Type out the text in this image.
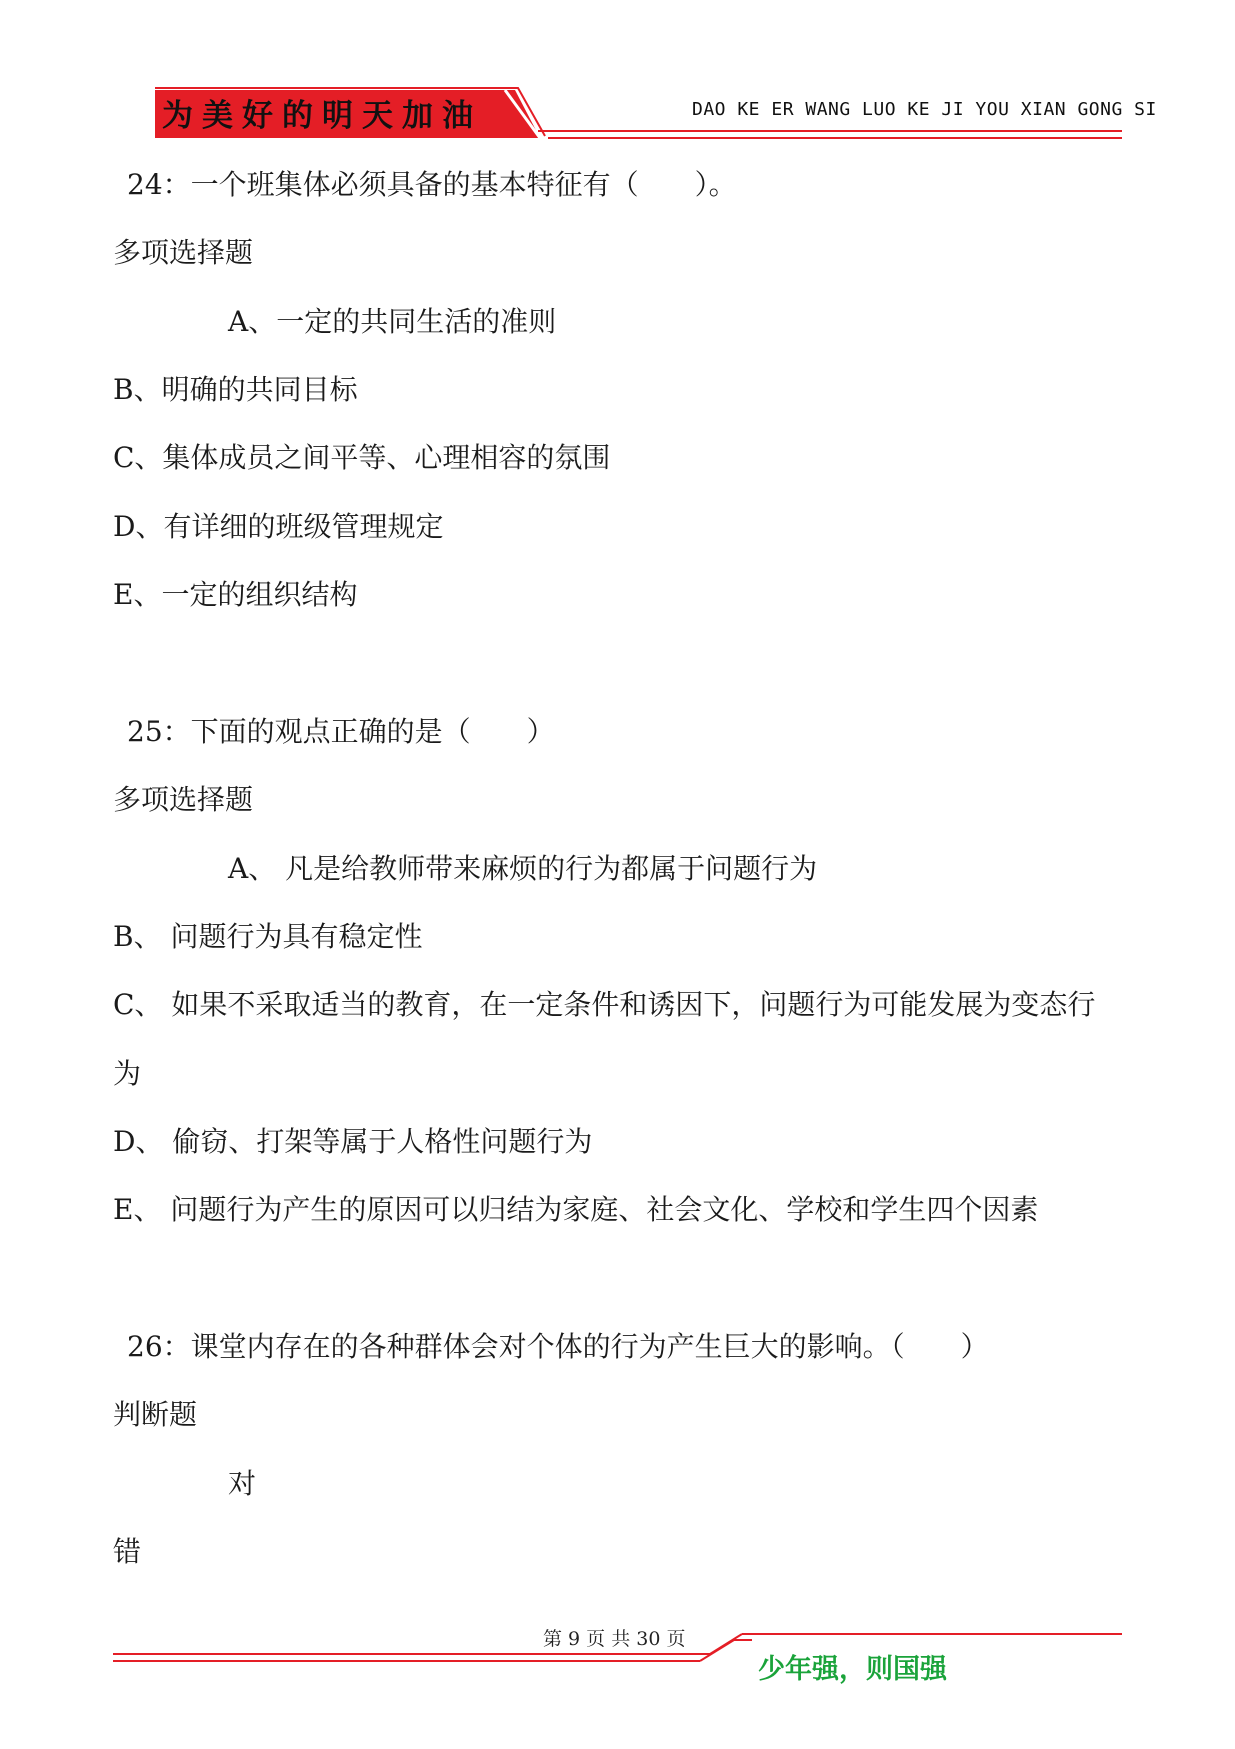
为美好的明天加油	DAO KE ER WANG LUO KE JI YOU XIAN GONG SI
24：一个班集体必须具备的基本特征有（　　）。
多项选择题
A、一定的共同生活的准则
B、明确的共同目标
C、集体成员之间平等、心理相容的氛围
D、有详细的班级管理规定
E、一定的组织结构
25：下面的观点正确的是（　　）
多项选择题
A、 凡是给教师带来麻烦的行为都属于问题行为
B、 问题行为具有稳定性
C、 如果不采取适当的教育，在一定条件和诱因下，问题行为可能发展为变态行
为
D、 偷窃、打架等属于人格性问题行为
E、 问题行为产生的原因可以归结为家庭、社会文化、学校和学生四个因素
26：课堂内存在的各种群体会对个体的行为产生巨大的影响。（　　）
判断题
对
错
第 9 页 共 30 页
少年强，则国强
